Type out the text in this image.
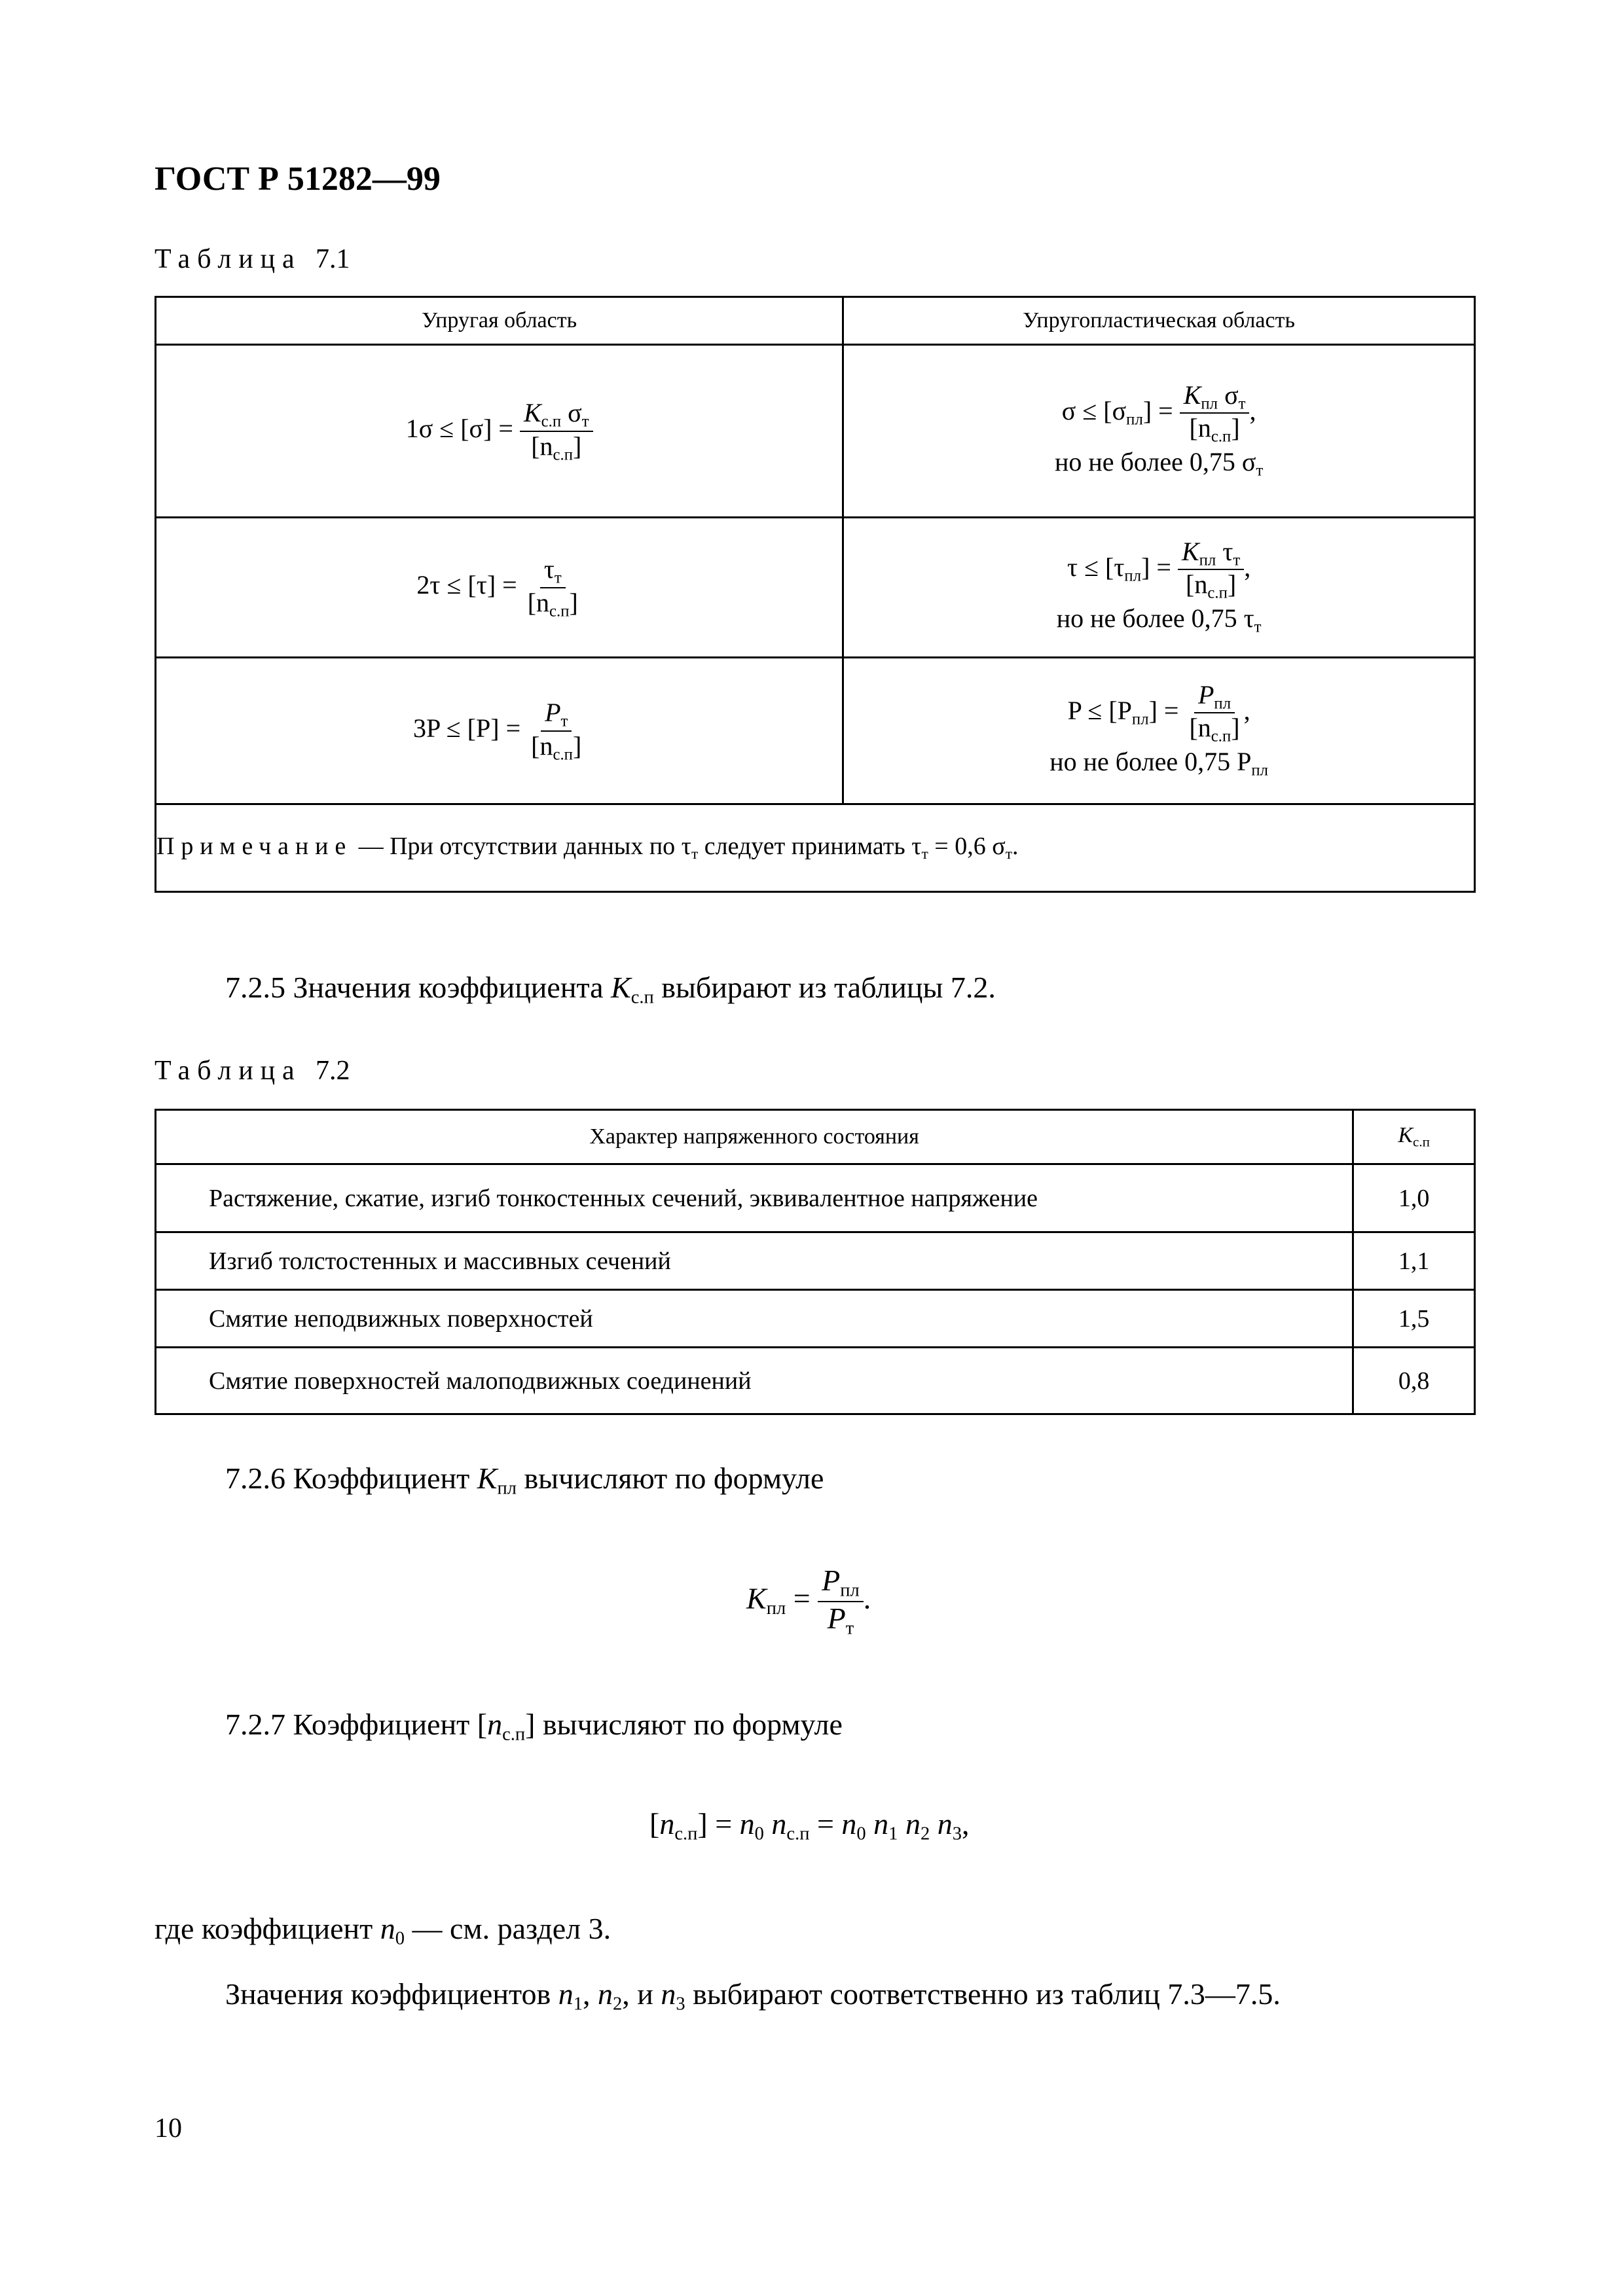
ГОСТ Р 51282—99
Таблица 7.1
Упругая область	Упругопластическая область
$1\sigma \le [\sigma] = \frac{K_{с.п} \sigma_т}{[n_{с.п}]}$	$\sigma \le [\sigma_{пл}] = \frac{K_{пл} \sigma_т}{[n_{с.п}]}$ ,
но не более 0,75 $\sigma_т$

$2\tau \le [\tau] = \frac{\tau_т}{[n_{с.п}]}$	$\tau \le [\tau_{пл}] = \frac{K_{пл} \tau_т}{[n_{с.п}]}$ ,
но не более 0,75 $\tau_т$

$3P \le [P] = \frac{P_т}{[n_{с.п}]}$	$P \le [P_{пл}] = \frac{P_{пл}}{[n_{с.п}]}$ ,
но не более 0,75 $P_{пл}$

Примечание — При отсутствии данных по $\tau_т$ следует принимать $\tau_т = 0,6$ $\sigma_т$.	
7.2.5 Значения коэффициента $K_{с.п}$ выбирают из таблицы 7.2.
Таблица 7.2
Характер напряженного состояния	$K_{с.п}$
Растяжение, сжатие, изгиб тонкостенных сечений, эквивалентное напряжение	1,0
Изгиб толстостенных и массивных сечений	1,1
Смятие неподвижных поверхностей	1,5
Смятие поверхностей малоподвижных соединений	0,8
7.2.6 Коэффициент $K_{пл}$ вычисляют по формуле
$K_{пл} = \frac{P_{пл}}{P_т}$ .
7.2.7 Коэффициент $[n_{с.п}]$ вычисляют по формуле
$[n_{с.п}] = n_0$ $n_{с.п} = n_0$ $n_1$ $n_2$ $n_3$,
где коэффициент $n_0$ — см. раздел 3.
Значения коэффициентов $n_1$, $n_2$, и $n_3$ выбирают соответственно из таблиц 7.3—7.5.
10
